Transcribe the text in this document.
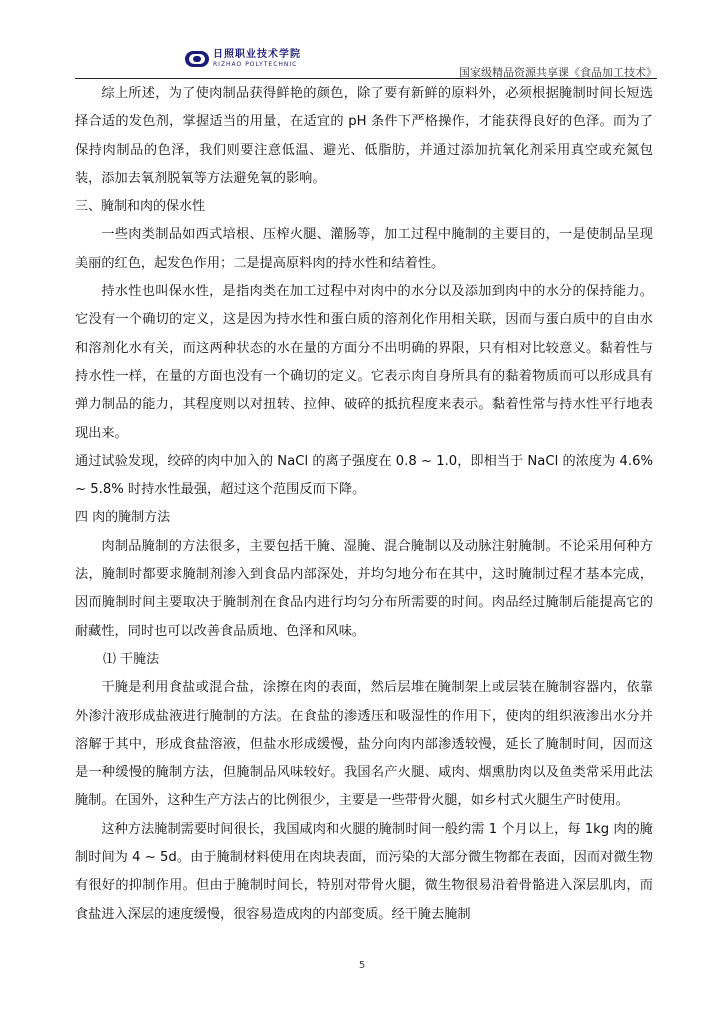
日照职业技术学院
RIZHAO POLYTECHNIC
国家级精品资源共享课《食品加工技术》

综上所述，为了使肉制品获得鲜艳的颜色，除了要有新鲜的原料外，必须根据腌制时间长短选择合适的发色剂，掌握适当的用量，在适宜的 pH 条件下严格操作，才能获得良好的色泽。而为了保持肉制品的色泽，我们则要注意低温、避光、低脂肪，并通过添加抗氧化剂采用真空或充氮包装，添加去氧剂脱氧等方法避免氧的影响。

三、腌制和肉的保水性

一些肉类制品如西式培根、压榨火腿、灌肠等，加工过程中腌制的主要目的，一是使制品呈现美丽的红色，起发色作用；二是提高原料肉的持水性和结着性。

持水性也叫保水性，是指肉类在加工过程中对肉中的水分以及添加到肉中的水分的保持能力。它没有一个确切的定义，这是因为持水性和蛋白质的溶剂化作用相关联，因而与蛋白质中的自由水和溶剂化水有关，而这两种状态的水在量的方面分不出明确的界限，只有相对比较意义。黏着性与持水性一样，在量的方面也没有一个确切的定义。它表示肉自身所具有的黏着物质而可以形成具有弹力制品的能力，其程度则以对扭转、拉伸、破碎的抵抗程度来表示。黏着性常与持水性平行地表现出来。

通过试验发现，绞碎的肉中加入的 NaCl 的离子强度在 0.8 ~ 1.0，即相当于 NaCl 的浓度为 4.6% ~ 5.8% 时持水性最强，超过这个范围反而下降。

四 肉的腌制方法

肉制品腌制的方法很多，主要包括干腌、湿腌、混合腌制以及动脉注射腌制。不论采用何种方法，腌制时都要求腌制剂渗入到食品内部深处，并均匀地分布在其中，这时腌制过程才基本完成，因而腌制时间主要取决于腌制剂在食品内进行均匀分布所需要的时间。肉品经过腌制后能提高它的耐藏性，同时也可以改善食品质地、色泽和风味。

⑴ 干腌法

干腌是利用食盐或混合盐，涂擦在肉的表面，然后层堆在腌制架上或层装在腌制容器内，依靠外渗汁液形成盐液进行腌制的方法。在食盐的渗透压和吸湿性的作用下，使肉的组织液渗出水分并溶解于其中，形成食盐溶液，但盐水形成缓慢，盐分向肉内部渗透较慢，延长了腌制时间，因而这是一种缓慢的腌制方法，但腌制品风味较好。我国名产火腿、咸肉、烟熏肋肉以及鱼类常采用此法腌制。在国外，这种生产方法占的比例很少，主要是一些带骨火腿，如乡村式火腿生产时使用。

这种方法腌制需要时间很长，我国咸肉和火腿的腌制时间一般约需 1 个月以上，每 1kg 肉的腌制时间为 4 ~ 5d。由于腌制材料使用在肉块表面，而污染的大部分微生物都在表面，因而对微生物有很好的抑制作用。但由于腌制时间长，特别对带骨火腿，微生物很易沿着骨骼进入深层肌肉，而食盐进入深层的速度缓慢，很容易造成肉的内部变质。经干腌去腌制

5
